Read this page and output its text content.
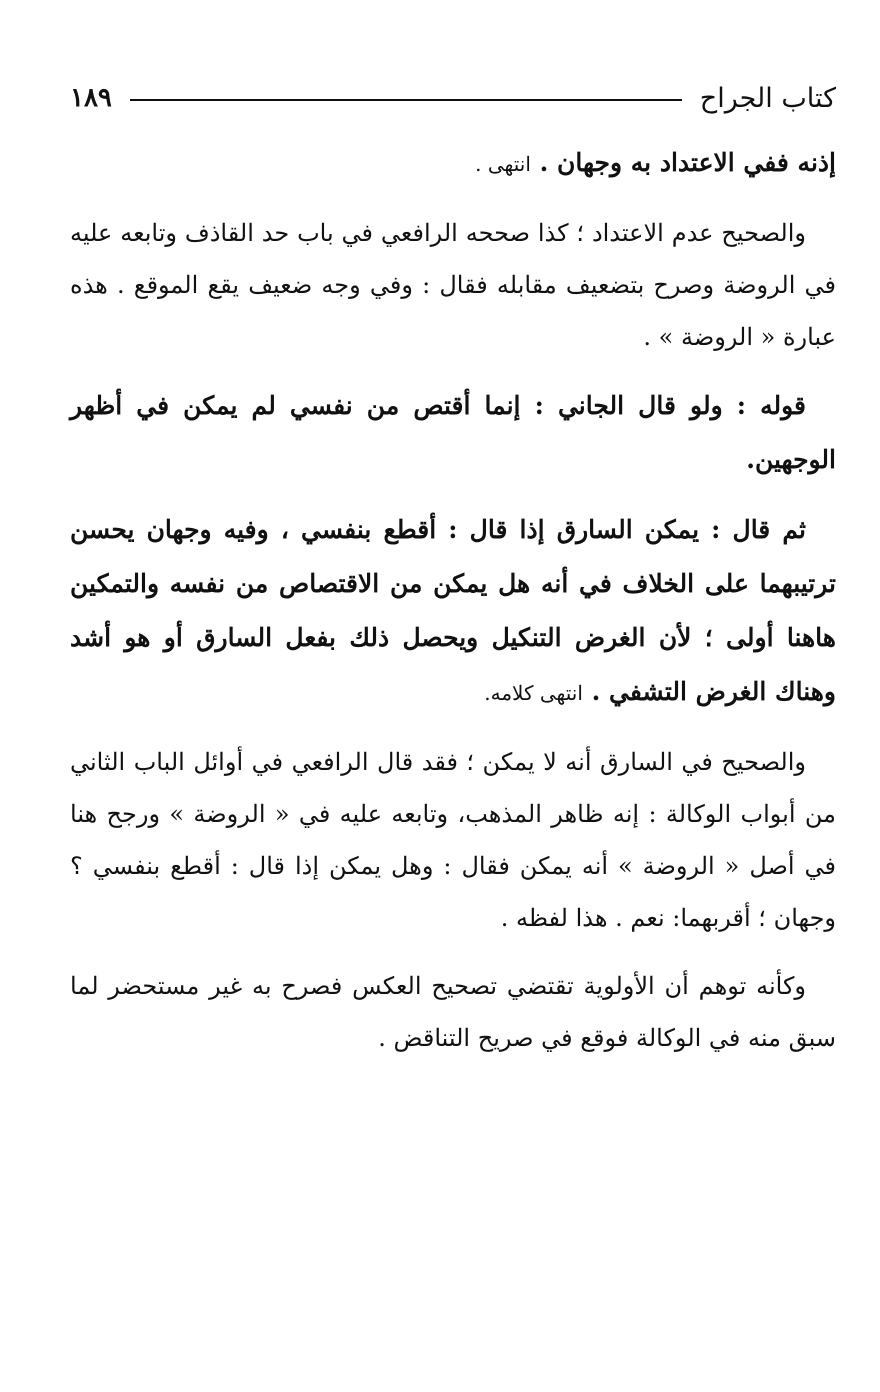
كتاب الجراح
١٨٩

إذنه ففي الاعتداد به وجهان . انتهى .

والصحيح عدم الاعتداد ؛ كذا صححه الرافعي في باب حد القاذف وتابعه عليه في الروضة وصرح بتضعيف مقابله فقال : وفي وجه ضعيف يقع الموقع . هذه عبارة « الروضة » .

قوله : ولو قال الجاني : إنما أقتص من نفسي لم يمكن في أظهر الوجهين.

ثم قال : يمكن السارق إذا قال : أقطع بنفسي ، وفيه وجهان يحسن ترتيبهما على الخلاف في أنه هل يمكن من الاقتصاص من نفسه والتمكين هاهنا أولى ؛ لأن الغرض التنكيل ويحصل ذلك بفعل السارق أو هو أشد وهناك الغرض التشفي . انتهى كلامه.

والصحيح في السارق أنه لا يمكن ؛ فقد قال الرافعي في أوائل الباب الثاني من أبواب الوكالة : إنه ظاهر المذهب، وتابعه عليه في « الروضة » ورجح هنا في أصل « الروضة » أنه يمكن فقال : وهل يمكن إذا قال : أقطع بنفسي ؟ وجهان ؛ أقربهما: نعم . هذا لفظه .

وكأنه توهم أن الأولوية تقتضي تصحيح العكس فصرح به غير مستحضر لما سبق منه في الوكالة فوقع في صريح التناقض .
